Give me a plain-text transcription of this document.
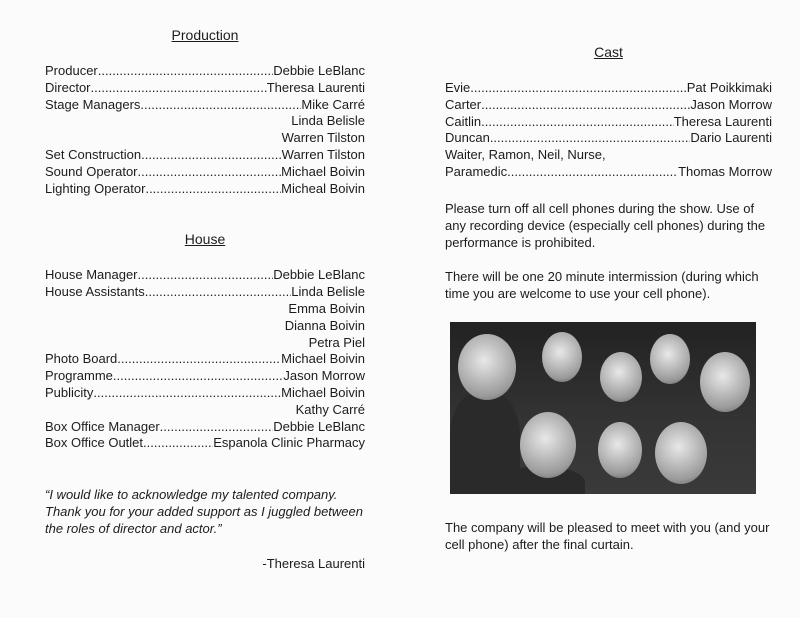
Production
Producer .....	Debbie LeBlanc
Director .....	Theresa Laurenti
Stage Managers .....	Mike Carré
Linda Belisle
Warren Tilston
Set Construction .....	Warren Tilston
Sound Operator .....	Michael Boivin
Lighting Operator .....	Micheal Boivin
House
House Manager .....	Debbie LeBlanc
House Assistants .....	Linda Belisle
Emma Boivin
Dianna Boivin
Petra Piel
Photo Board .....	Michael Boivin
Programme .....	Jason Morrow
Publicity .....	Michael Boivin
Kathy Carré
Box Office Manager .....	Debbie LeBlanc
Box Office Outlet .....	Espanola Clinic Pharmacy
“I would like to acknowledge my talented company. Thank you for your added support as I juggled between the roles of director and actor.”
-Theresa Laurenti
Cast
Evie .....	Pat Poikkimaki
Carter .....	Jason Morrow
Caitlin .....	Theresa Laurenti
Duncan .....	Dario Laurenti
Waiter, Ramon, Neil, Nurse,
Paramedic .....	Thomas Morrow
Please turn off all cell phones during the show. Use of any recording device (especially cell phones) during the performance is prohibited.
There will be one 20 minute intermission (during which time you are welcome to use your cell phone).
The company will be pleased to meet with you (and your cell phone) after the final curtain.
